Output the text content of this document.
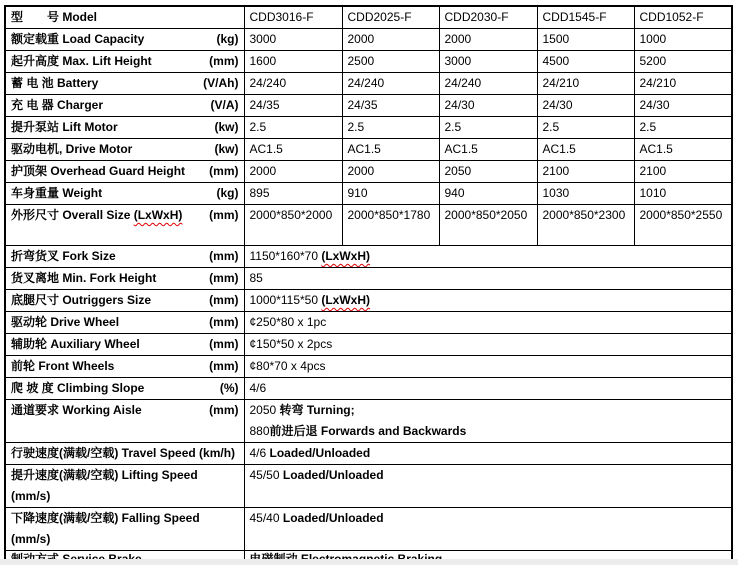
型　　号 Model	CDD3016-F	CDD2025-F	CDD2030-F	CDD1545-F	CDD1052-F

额定载重 Load Capacity (kg)	3000	2000	2000	1500	1000

起升高度 Max. Lift Height (mm)	1600	2500	3000	4500	5200

蓄 电 池 Battery (V/Ah)	24/240	24/240	24/240	24/210	24/210

充 电 器 Charger (V/A)	24/35	24/35	24/30	24/30	24/30

提升泵站 Lift Motor (kw)	2.5	2.5	2.5	2.5	2.5

驱动电机, Drive Motor (kw)	AC1.5	AC1.5	AC1.5	AC1.5	AC1.5

护顶架 Overhead Guard Height (mm)	2000	2000	2050	2100	2100

车身重量 Weight (kg)	895	910	940	1030	1010

外形尺寸 Overall Size (LxWxH) (mm)	2000*850*2000	2000*850*1780	2000*850*2050	2000*850*2300	2000*850*2550

折弯货叉 Fork Size (mm)	1150*160*70 (LxWxH)				

货叉离地 Min. Fork Height (mm)	85				

底腿尺寸 Outriggers Size (mm)	1000*115*50 (LxWxH)				

驱动轮 Drive Wheel (mm)	¢250*80 x 1pc				

辅助轮 Auxiliary Wheel (mm)	¢150*50 x 2pcs				

前轮 Front Wheels (mm)	¢80*70 x 4pcs				

爬 坡 度 Climbing Slope (%)	4/6				

通道要求 Working Aisle	(mm)	2050 转弯 Turning;
880前进后退 Forwards and Backwards

行驶速度(满载/空载) Travel Speed (km/h)	4/6 Loaded/Unloaded				

提升速度(满载/空载) Lifting Speed
(mm/s)	45/50 Loaded/Unloaded				

下降速度(满载/空载) Falling Speed
(mm/s)	45/40 Loaded/Unloaded				
